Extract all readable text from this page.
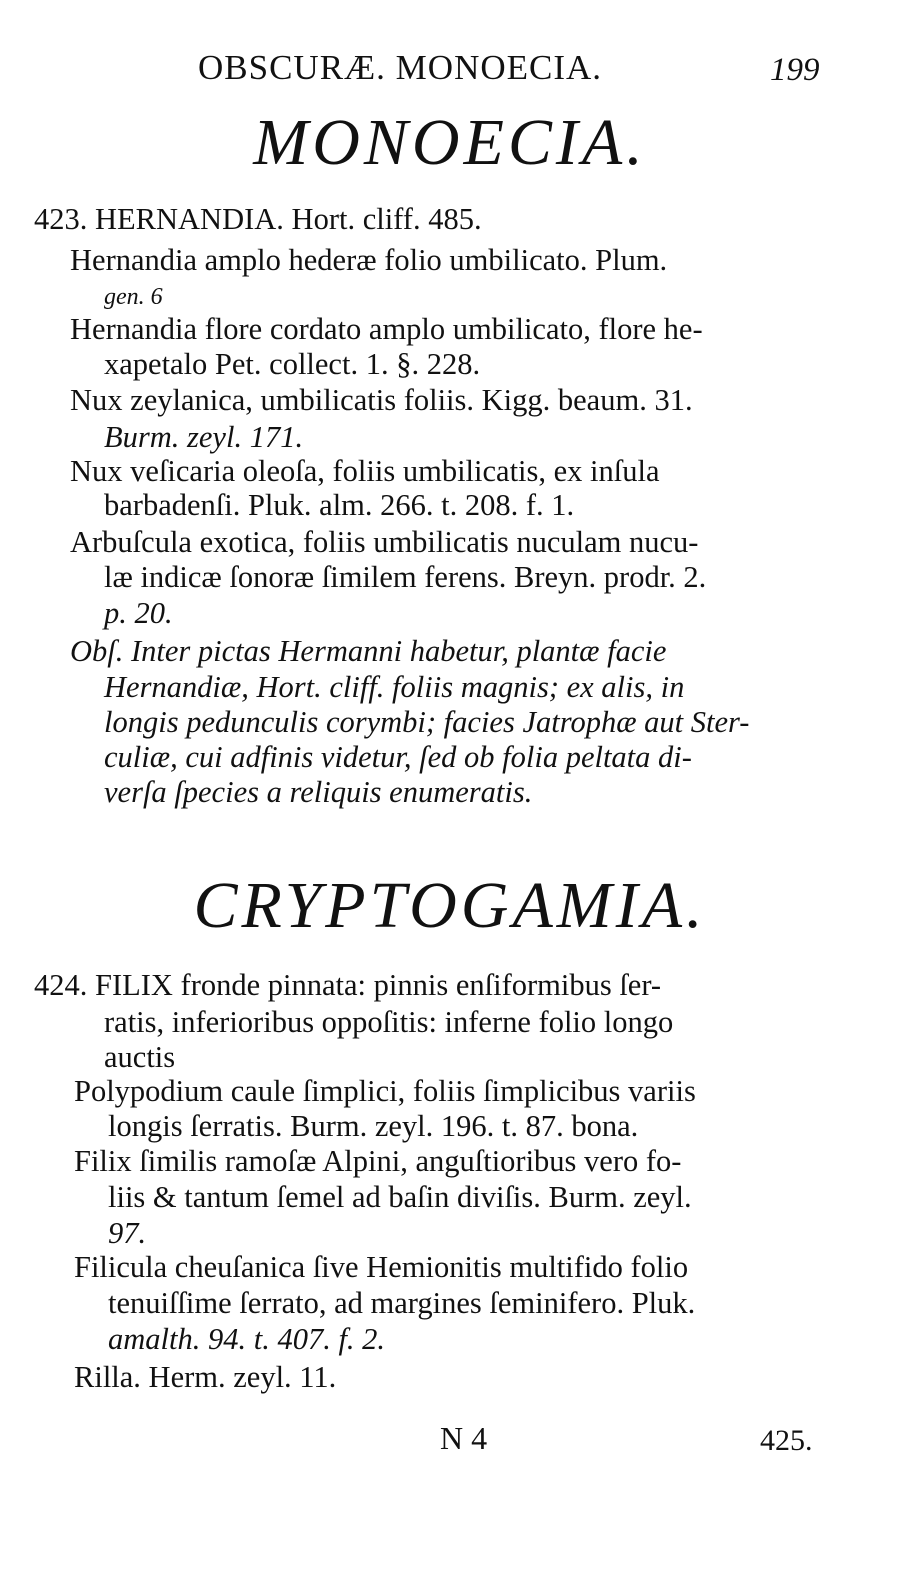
OBSCURÆ. MONOECIA.	199
MONOECIA.
423. HERNANDIA. Hort. cliff. 485.
Hernandia amplo hederæ folio umbilicato. Plum.
gen. 6
Hernandia flore cordato amplo umbilicato, flore he-
xapetalo Pet. collect. 1. §. 228.
Nux zeylanica, umbilicatis foliis. Kigg. beaum. 31.
Burm. zeyl. 171.
Nux veſicaria oleoſa, foliis umbilicatis, ex inſula
barbadenſi. Pluk. alm. 266. t. 208. f. 1.
Arbuſcula exotica, foliis umbilicatis nuculam nucu-
læ indicæ ſonoræ ſimilem ferens. Breyn. prodr. 2.
p. 20.
Obſ. Inter pictas Hermanni habetur, plantæ facie
Hernandiæ, Hort. cliff. foliis magnis; ex alis, in
longis pedunculis corymbi; facies Jatrophæ aut Ster-
culiæ, cui adfinis videtur, ſed ob folia peltata di-
verſa ſpecies a reliquis enumeratis.
CRYPTOGAMIA.
424. FILIX fronde pinnata: pinnis enſiformibus ſer-
ratis, inferioribus oppoſitis: inferne folio longo
auctis
Polypodium caule ſimplici, foliis ſimplicibus variis
longis ſerratis. Burm. zeyl. 196. t. 87. bona.
Filix ſimilis ramoſæ Alpini, anguſtioribus vero fo-
liis & tantum ſemel ad baſin diviſis. Burm. zeyl.
97.
Filicula cheuſanica ſive Hemionitis multifido folio
tenuiſſime ſerrato, ad margines ſeminifero. Pluk.
amalth. 94. t. 407. f. 2.
Rilla. Herm. zeyl. 11.
N 4	425.
